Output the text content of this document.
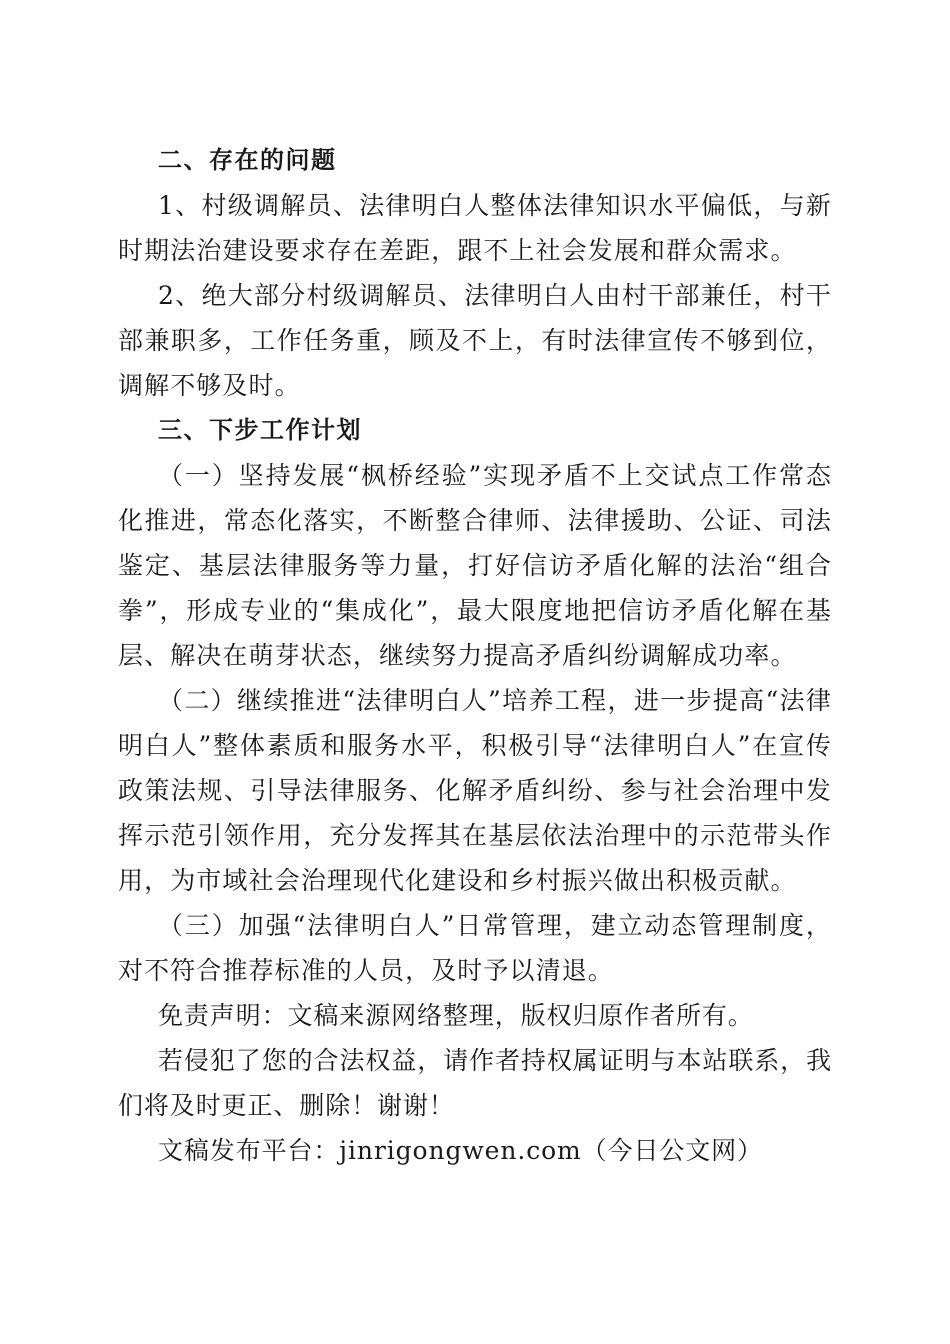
二、存在的问题

1、村级调解员、法律明白人整体法律知识水平偏低，与新时期法治建设要求存在差距，跟不上社会发展和群众需求。

2、绝大部分村级调解员、法律明白人由村干部兼任，村干部兼职多，工作任务重，顾及不上，有时法律宣传不够到位，调解不够及时。

三、下步工作计划

（一）坚持发展“枫桥经验”实现矛盾不上交试点工作常态化推进，常态化落实，不断整合律师、法律援助、公证、司法鉴定、基层法律服务等力量，打好信访矛盾化解的法治“组合拳”，形成专业的“集成化”，最大限度地把信访矛盾化解在基层、解决在萌芽状态，继续努力提高矛盾纠纷调解成功率。

（二）继续推进“法律明白人”培养工程，进一步提高“法律明白人”整体素质和服务水平，积极引导“法律明白人”在宣传政策法规、引导法律服务、化解矛盾纠纷、参与社会治理中发挥示范引领作用，充分发挥其在基层依法治理中的示范带头作用，为市域社会治理现代化建设和乡村振兴做出积极贡献。

（三）加强“法律明白人”日常管理，建立动态管理制度，对不符合推荐标准的人员，及时予以清退。

免责声明：文稿来源网络整理，版权归原作者所有。

若侵犯了您的合法权益，请作者持权属证明与本站联系，我们将及时更正、删除！谢谢！

文稿发布平台：jinrigongwen.com（今日公文网）
